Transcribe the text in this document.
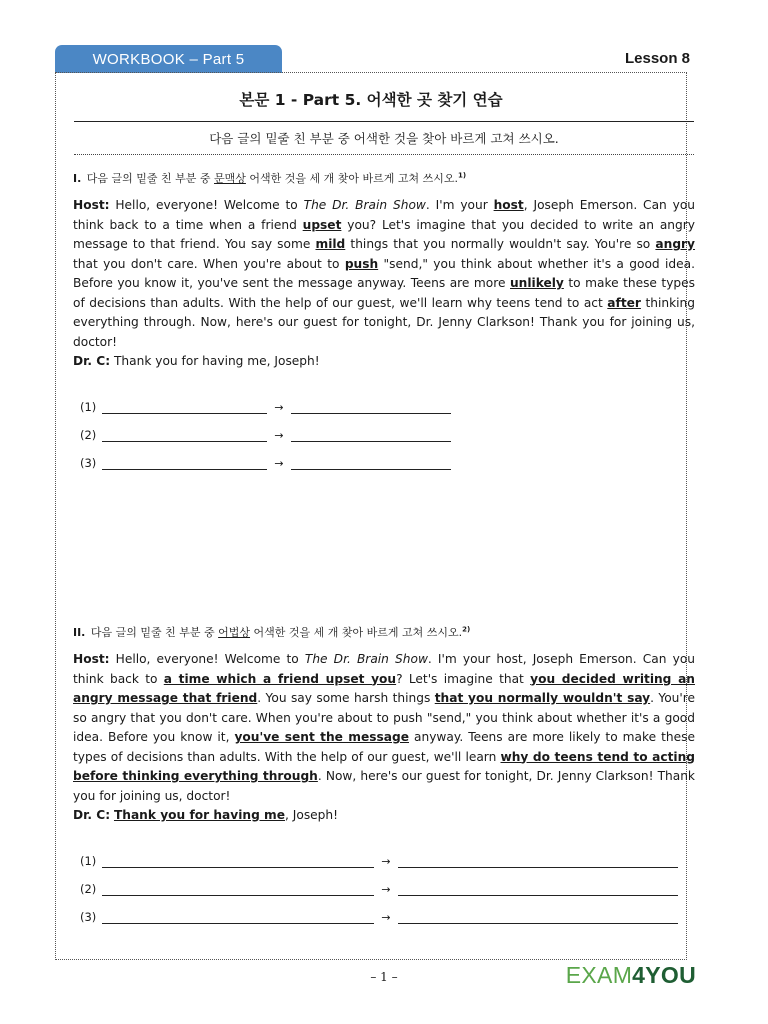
WORKBOOK – Part 5	Lesson 8
본문 1 - Part 5. 어색한 곳 찾기 연습
다음 글의 밑줄 친 부분 중 어색한 것을 찾아 바르게 고쳐 쓰시오.
I. 다음 글의 밑줄 친 부분 중 문맥상 어색한 것을 세 개 찾아 바르게 고쳐 쓰시오.$^{1)}$

Host: Hello, everyone! Welcome to The Dr. Brain Show. I'm your host, Joseph Emerson. Can you think back to a time when a friend upset you? Let's imagine that you decided to write an angry message to that friend. You say some mild things that you normally wouldn't say. You're so angry that you don't care. When you're about to push "send," you think about whether it's a good idea. Before you know it, you've sent the message anyway. Teens are more unlikely to make these types of decisions than adults. With the help of our guest, we'll learn why teens tend to act after thinking everything through. Now, here's our guest for tonight, Dr. Jenny Clarkson! Thank you for joining us, doctor!
Dr. C: Thank you for having me, Joseph!

(1)	→
(2)	→
(3)	→
II. 다음 글의 밑줄 친 부분 중 어법상 어색한 것을 세 개 찾아 바르게 고쳐 쓰시오.$^{2)}$

Host: Hello, everyone! Welcome to The Dr. Brain Show. I'm your host, Joseph Emerson. Can you think back to a time which a friend upset you? Let's imagine that you decided writing an angry message that friend. You say some harsh things that you normally wouldn't say. You're so angry that you don't care. When you're about to push "send," you think about whether it's a good idea. Before you know it, you've sent the message anyway. Teens are more likely to make these types of decisions than adults. With the help of our guest, we'll learn why do teens tend to acting before thinking everything through. Now, here's our guest for tonight, Dr. Jenny Clarkson! Thank you for joining us, doctor!
Dr. C: Thank you for having me, Joseph!

(1)	→
(2)	→
(3)	→
– 1 –	EXAM4YOU
